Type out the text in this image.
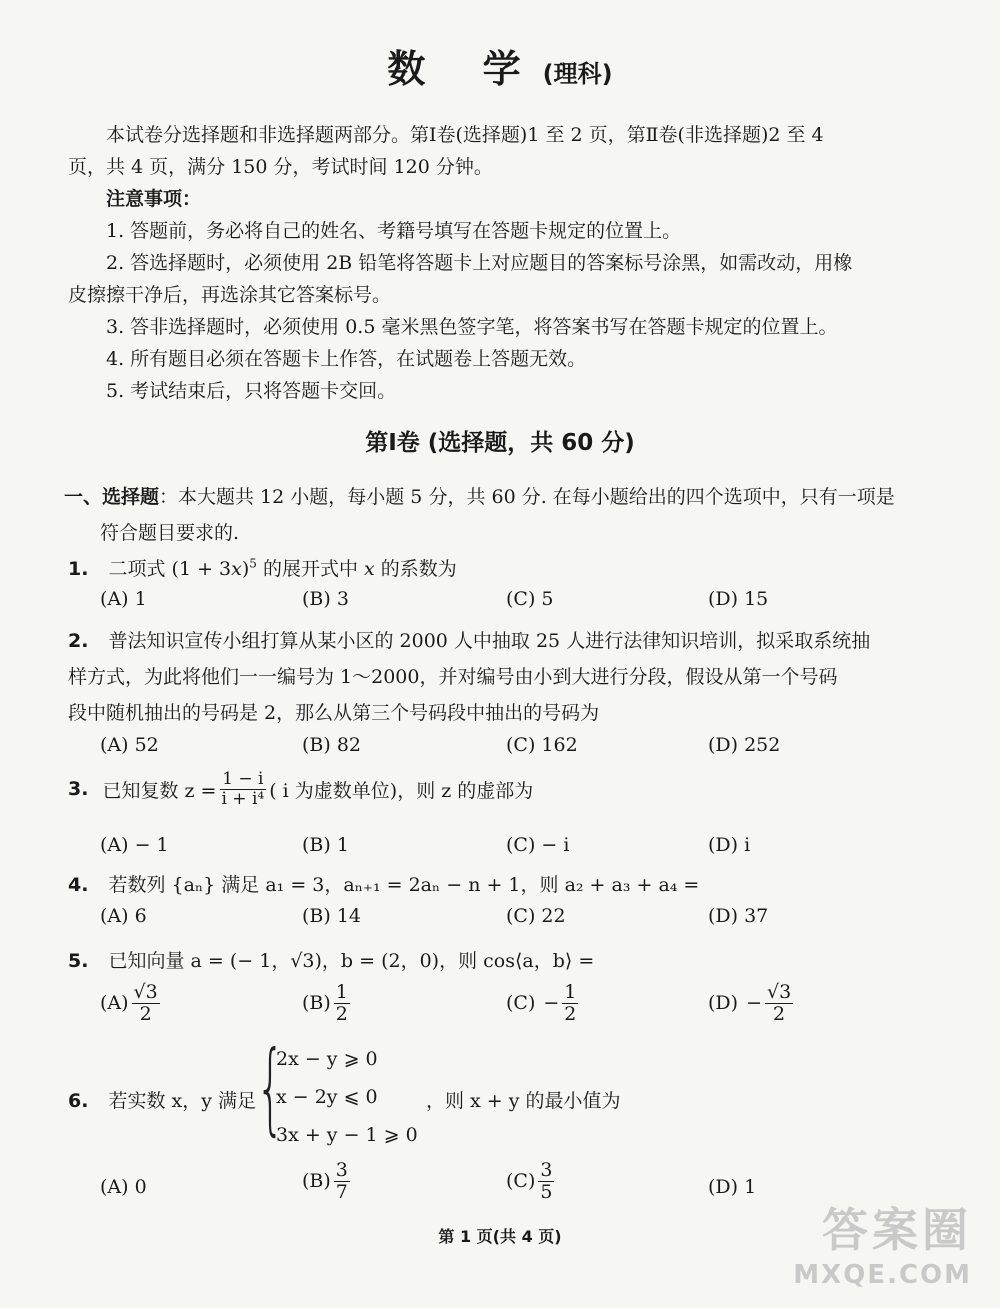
数 学(理科)
本试卷分选择题和非选择题两部分。第Ⅰ卷(选择题)1 至 2 页，第Ⅱ卷(非选择题)2 至 4
页，共 4 页，满分 150 分，考试时间 120 分钟。
注意事项：
1. 答题前，务必将自己的姓名、考籍号填写在答题卡规定的位置上。
2. 答选择题时，必须使用 2B 铅笔将答题卡上对应题目的答案标号涂黑，如需改动，用橡
皮擦擦干净后，再选涂其它答案标号。
3. 答非选择题时，必须使用 0.5 毫米黑色签字笔，将答案书写在答题卡规定的位置上。
4. 所有题目必须在答题卡上作答，在试题卷上答题无效。
5. 考试结束后，只将答题卡交回。
第Ⅰ卷 (选择题，共 60 分)
一、选择题：本大题共 12 小题，每小题 5 分，共 60 分. 在每小题给出的四个选项中，只有一项是
符合题目要求的.
1. 二项式 $(1 + 3x)^5$ 的展开式中 x 的系数为
(A) 1	(B) 3	(C) 5	(D) 15
2. 普法知识宣传小组打算从某小区的 2000 人中抽取 25 人进行法律知识培训，拟采取系统抽
样方式，为此将他们一一编号为 1～2000，并对编号由小到大进行分段，假设从第一个号码
段中随机抽出的号码是 2，那么从第三个号码段中抽出的号码为
(A) 52	(B) 82	(C) 162	(D) 252
3. 已知复数 $z = \frac{1 - i}{\text{i + i⁴}}$ ( i 为虚数单位)，则 z 的虚部为
(A) − 1	(B) 1	(C) − i	(D) i
4. 若数列 {aₙ} 满足 a₁ = 3，aₙ₊₁ = 2aₙ − n + 1，则 a₂ + a₃ + a₄ =
(A) 6	(B) 14	(C) 22	(D) 37
5. 已知向量 a = (− 1，√3)，b = (2，0)，则 cos⟨a，b⟩ =
$(A) \frac{√3}{2}$	$(B) \frac{1}{2}$	$(C) - \frac{1}{2}$	$(D) - \frac{√3}{2}$
6. 若实数 x，y 满足 {
2x − y ⩾ 0
x − 2y ⩽ 0
3x + y − 1 ⩾ 0
，则 x + y 的最小值为
(A) 0	$(B) \frac{3}{7}$	$(C) \frac{3}{5}$	(D) 1
第 1 页(共 4 页)	答案圈
MXQE.COM
